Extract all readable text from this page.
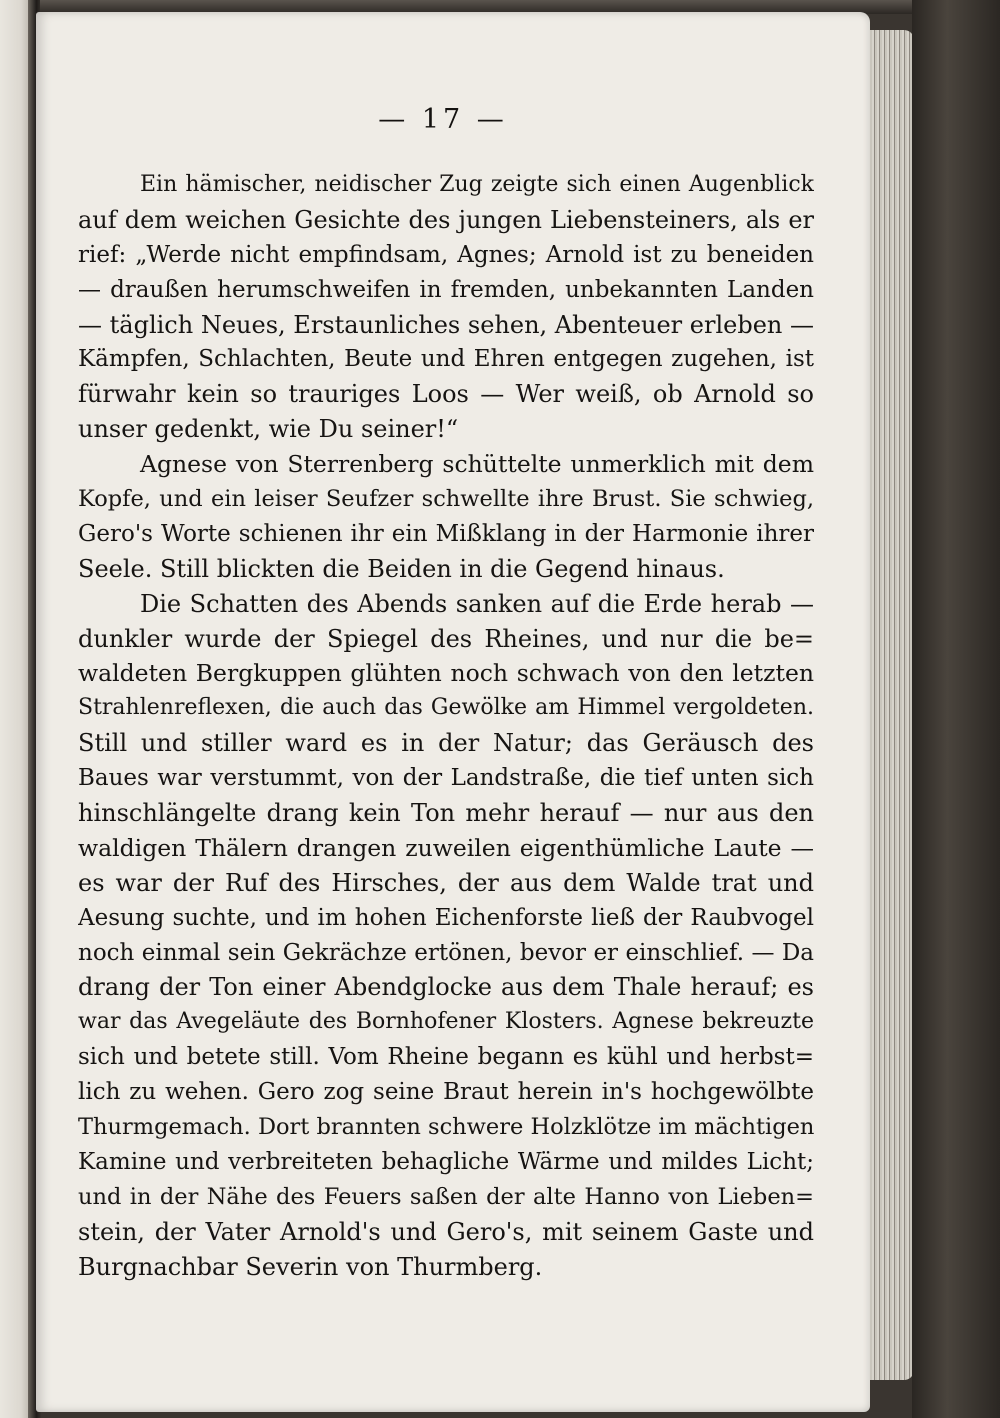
— 17 —
Ein hämischer, neidischer Zug zeigte sich einen Augenblick
auf dem weichen Gesichte des jungen Liebensteiners, als er
rief: „Werde nicht empfindsam, Agnes; Arnold ist zu beneiden
— draußen herumschweifen in fremden, unbekannten Landen
— täglich Neues, Erstaunliches sehen, Abenteuer erleben —
Kämpfen, Schlachten, Beute und Ehren entgegen zugehen, ist
fürwahr kein so trauriges Loos — Wer weiß, ob Arnold so
unser gedenkt, wie Du seiner!“
Agnese von Sterrenberg schüttelte unmerklich mit dem
Kopfe, und ein leiser Seufzer schwellte ihre Brust. Sie schwieg,
Gero's Worte schienen ihr ein Mißklang in der Harmonie ihrer
Seele. Still blickten die Beiden in die Gegend hinaus.
Die Schatten des Abends sanken auf die Erde herab —
dunkler wurde der Spiegel des Rheines, und nur die be=
waldeten Bergkuppen glühten noch schwach von den letzten
Strahlenreflexen, die auch das Gewölke am Himmel vergoldeten.
Still und stiller ward es in der Natur; das Geräusch des
Baues war verstummt, von der Landstraße, die tief unten sich
hinschlängelte drang kein Ton mehr herauf — nur aus den
waldigen Thälern drangen zuweilen eigenthümliche Laute —
es war der Ruf des Hirsches, der aus dem Walde trat und
Aesung suchte, und im hohen Eichenforste ließ der Raubvogel
noch einmal sein Gekrächze ertönen, bevor er einschlief. — Da
drang der Ton einer Abendglocke aus dem Thale herauf; es
war das Avegeläute des Bornhofener Klosters. Agnese bekreuzte
sich und betete still. Vom Rheine begann es kühl und herbst=
lich zu wehen. Gero zog seine Braut herein in's hochgewölbte
Thurmgemach. Dort brannten schwere Holzklötze im mächtigen
Kamine und verbreiteten behagliche Wärme und mildes Licht;
und in der Nähe des Feuers saßen der alte Hanno von Lieben=
stein, der Vater Arnold's und Gero's, mit seinem Gaste und
Burgnachbar Severin von Thurmberg.
